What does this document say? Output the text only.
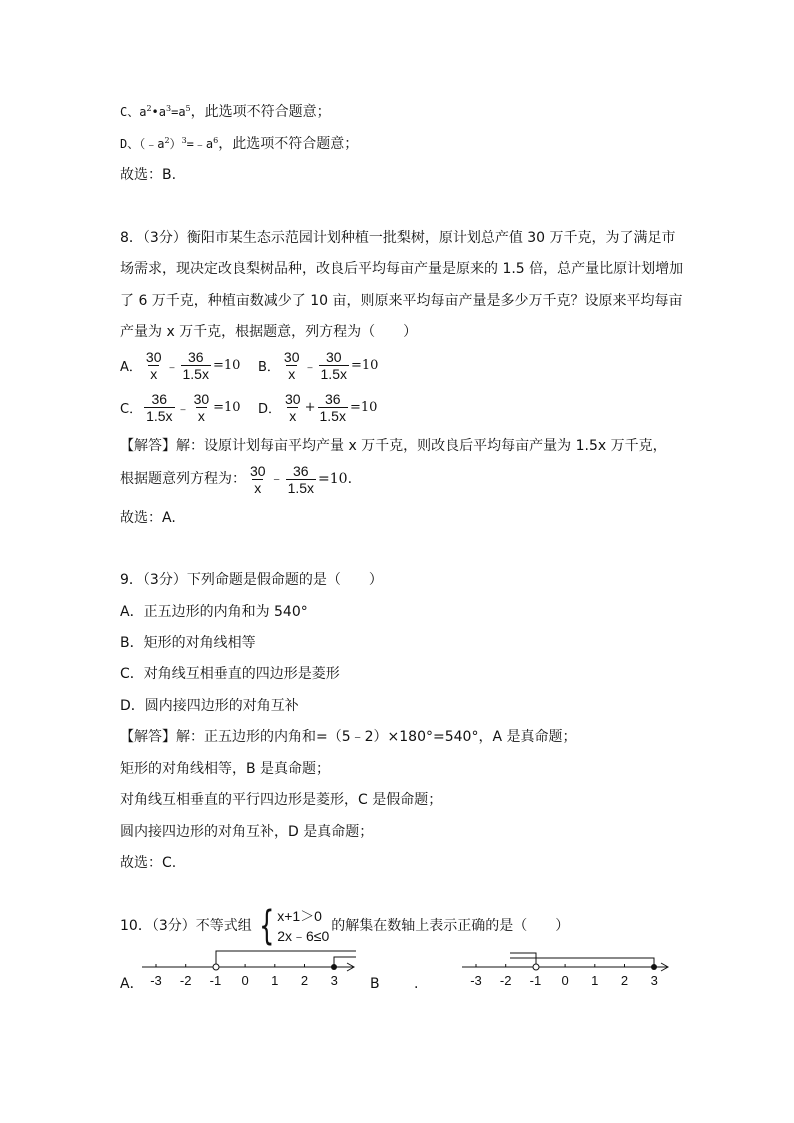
C、$a^2•a^3=a^5$，此选项不符合题意；
D、$(﹣a^2)^3=﹣a^6$，此选项不符合题意；
故选：B.
8．（3分）衡阳市某生态示范园计划种植一批梨树，原计划总产值 30 万千克，为了满足市
场需求，现决定改良梨树品种，改良后平均每亩产量是原来的 1.5 倍，总产量比原计划增加
了 6 万千克，种植亩数减少了 10 亩，则原来平均每亩产量是多少万千克？设原来平均每亩
产量为 x 万千克，根据题意，列方程为（　　）
A． $\frac{30}{x}$ ﹣ $\frac{36}{1.5x} =10$ B． $\frac{30}{x}$ ﹣ $\frac{30}{1.5x} =10$
C． $\frac{36}{1.5x}$ ﹣ $\frac{30}{x} =10$ D． $\frac{30}{x} + \frac{36}{1.5x} =10$
【解答】解：设原计划每亩平均产量 x 万千克，则改良后平均每亩产量为 1.5x 万千克，
根据题意列方程为： $\frac{30}{x}$ ﹣ $\frac{36}{1.5x} =10$.
故选：A.
9．（3分）下列命题是假命题的是（　　）
A．正五边形的内角和为 540°
B．矩形的对角线相等
C．对角线互相垂直的四边形是菱形
D．圆内接四边形的对角互补
【解答】解：正五边形的内角和=（5﹣2）×180°=540°，A 是真命题；
矩形的对角线相等，B 是真命题；
对角线互相垂直的平行四边形是菱形，C 是假命题；
圆内接四边形的对角互补，D 是真命题；
故选：C.
10．（3分）不等式组 { x+1＞0
2x﹣6≤0
的解集在数轴上表示正确的是（　　）
A．	B .
-3 -2 -1 0 1 2 3	-3 -2 -1 0 1 2 3
